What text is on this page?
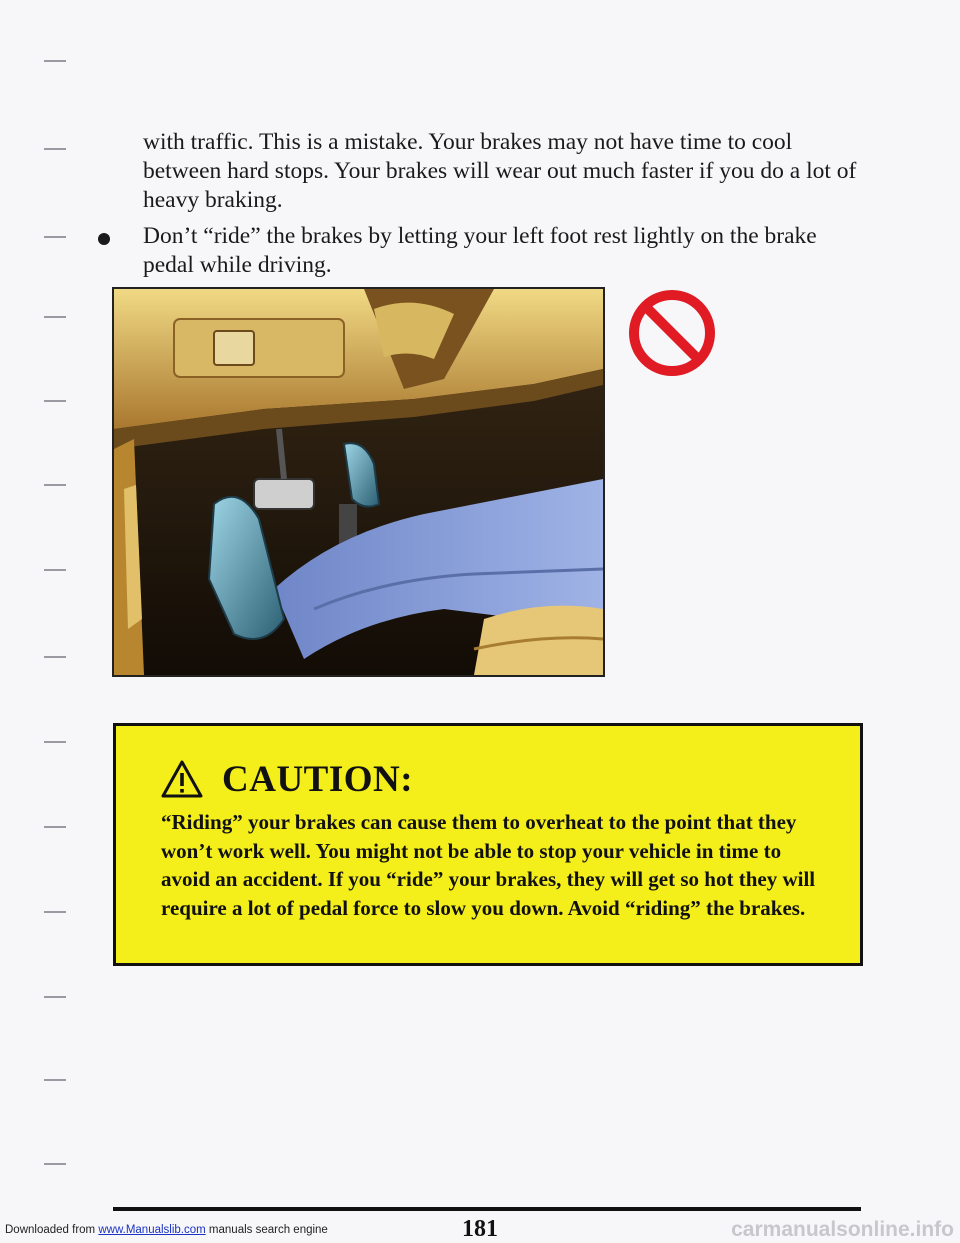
with traffic. This is a mistake. Your brakes may not have time to cool between hard stops. Your brakes will wear out much faster if you do a lot of heavy braking.

Don’t “ride” the brakes by letting your left foot rest lightly on the brake pedal while driving.

CAUTION:

“Riding” your brakes can cause them to overheat to the point that they won’t work well. You might not be able to stop your vehicle in time to avoid an accident. If you “ride” your brakes, they will get so hot they will require a lot of pedal force to slow you down. Avoid “riding” the brakes.

181
Downloaded from www.Manualslib.com manuals search engine	carmanualsonline.info
